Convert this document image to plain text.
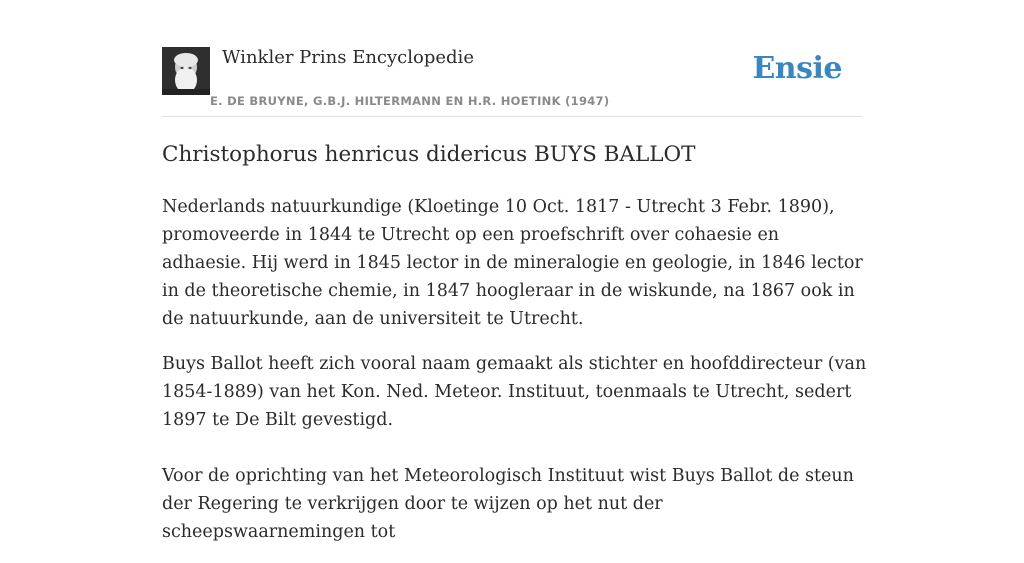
Winkler Prins Encyclopedie
E. DE BRUYNE, G.B.J. HILTERMANN EN H.R. HOETINK (1947)
Ensie
Christophorus henricus didericus BUYS BALLOT

Nederlands natuurkundige (Kloetinge 10 Oct. 1817 - Utrecht 3 Febr. 1890), promoveerde in 1844 te Utrecht op een proefschrift over cohaesie en adhaesie. Hij werd in 1845 lector in de mineralogie en geologie, in 1846 lector in de theoretische chemie, in 1847 hoogleraar in de wiskunde, na 1867 ook in de natuurkunde, aan de universiteit te Utrecht.

Buys Ballot heeft zich vooral naam gemaakt als stichter en hoofddirecteur (van 1854-1889) van het Kon. Ned. Meteor. Instituut, toenmaals te Utrecht, sedert 1897 te De Bilt gevestigd.

Voor de oprichting van het Meteorologisch Instituut wist Buys Ballot de steun der Regering te verkrijgen door te wijzen op het nut der scheepswaarnemingen tot
